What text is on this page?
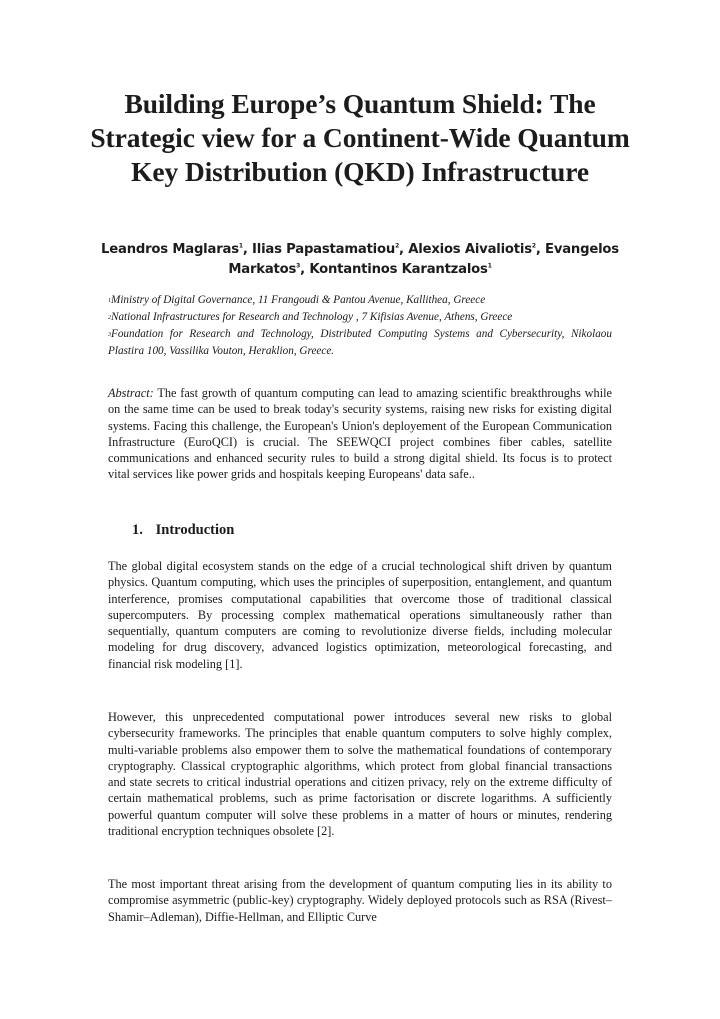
Building Europe’s Quantum Shield: The Strategic view for a Continent-Wide Quantum Key Distribution (QKD) Infrastructure
Leandros Maglaras$^1$, Ilias Papastamatiou$^2$, Alexios Aivaliotis$^2$, Evangelos Markatos$^3$, Kontantinos Karantzalos$^1$
$^1$Ministry of Digital Governance, 11 Frangoudi & Pantou Avenue, Kallithea, Greece
$^2$National Infrastructures for Research and Technology , 7 Kifisias Avenue, Athens, Greece
$^3$Foundation for Research and Technology, Distributed Computing Systems and Cybersecurity, Nikolaou Plastira 100, Vassilika Vouton, Heraklion, Greece.
Abstract: The fast growth of quantum computing can lead to amazing scientific breakthroughs while on the same time can be used to break today's security systems, raising new risks for existing digital systems. Facing this challenge, the European's Union's deployement of the European Communication Infrastructure (EuroQCI) is crucial. The SEEWQCI project combines fiber cables, satellite communications and enhanced security rules to build a strong digital shield. Its focus is to protect vital services like power grids and hospitals keeping Europeans' data safe..
1. Introduction
The global digital ecosystem stands on the edge of a crucial technological shift driven by quantum physics. Quantum computing, which uses the principles of superposition, entanglement, and quantum interference, promises computational capabilities that overcome those of traditional classical supercomputers. By processing complex mathematical operations simultaneously rather than sequentially, quantum computers are coming to revolutionize diverse fields, including molecular modeling for drug discovery, advanced logistics optimization, meteorological forecasting, and financial risk modeling [1].
However, this unprecedented computational power introduces several new risks to global cybersecurity frameworks. The principles that enable quantum computers to solve highly complex, multi-variable problems also empower them to solve the mathematical foundations of contemporary cryptography. Classical cryptographic algorithms, which protect from global financial transactions and state secrets to critical industrial operations and citizen privacy, rely on the extreme difficulty of certain mathematical problems, such as prime factorisation or discrete logarithms. A sufficiently powerful quantum computer will solve these problems in a matter of hours or minutes, rendering traditional encryption techniques obsolete [2].
The most important threat arising from the development of quantum computing lies in its ability to compromise asymmetric (public-key) cryptography. Widely deployed protocols such as RSA (Rivest–Shamir–Adleman), Diffie-Hellman, and Elliptic Curve
